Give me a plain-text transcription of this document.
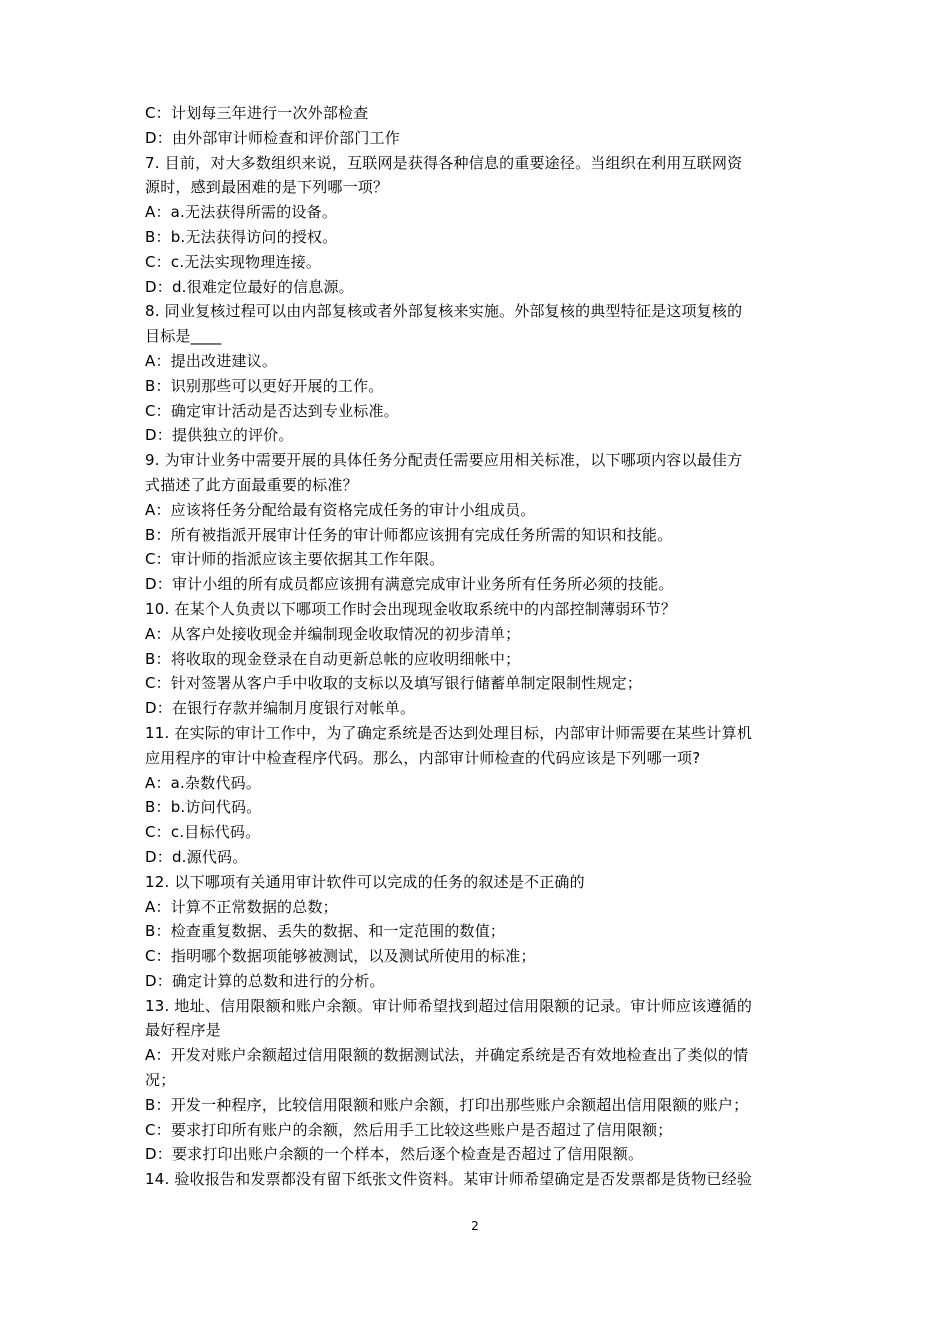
C：计划每三年进行一次外部检查
D：由外部审计师检查和评价部门工作
7. 目前，对大多数组织来说，互联网是获得各种信息的重要途径。当组织在利用互联网资
源时，感到最困难的是下列哪一项？
A：a.无法获得所需的设备。
B：b.无法获得访问的授权。
C：c.无法实现物理连接。
D：d.很难定位最好的信息源。
8. 同业复核过程可以由内部复核或者外部复核来实施。外部复核的典型特征是这项复核的
目标是____
A：提出改进建议。
B：识别那些可以更好开展的工作。
C：确定审计活动是否达到专业标准。
D：提供独立的评价。
9. 为审计业务中需要开展的具体任务分配责任需要应用相关标准，以下哪项内容以最佳方
式描述了此方面最重要的标准？
A：应该将任务分配给最有资格完成任务的审计小组成员。
B：所有被指派开展审计任务的审计师都应该拥有完成任务所需的知识和技能。
C：审计师的指派应该主要依据其工作年限。
D：审计小组的所有成员都应该拥有满意完成审计业务所有任务所必须的技能。
10. 在某个人负责以下哪项工作时会出现现金收取系统中的内部控制薄弱环节？
A：从客户处接收现金并编制现金收取情况的初步清单；
B：将收取的现金登录在自动更新总帐的应收明细帐中；
C：针对签署从客户手中收取的支标以及填写银行储蓄单制定限制性规定；
D：在银行存款并编制月度银行对帐单。
11. 在实际的审计工作中，为了确定系统是否达到处理目标，内部审计师需要在某些计算机
应用程序的审计中检查程序代码。那么，内部审计师检查的代码应该是下列哪一项?
A：a.杂数代码。
B：b.访问代码。
C：c.目标代码。
D：d.源代码。
12. 以下哪项有关通用审计软件可以完成的任务的叙述是不正确的
A：计算不正常数据的总数；
B：检查重复数据、丢失的数据、和一定范围的数值；
C：指明哪个数据项能够被测试，以及测试所使用的标准；
D：确定计算的总数和进行的分析。
13. 地址、信用限额和账户余额。审计师希望找到超过信用限额的记录。审计师应该遵循的
最好程序是
A：开发对账户余额超过信用限额的数据测试法，并确定系统是否有效地检查出了类似的情
况；
B：开发一种程序，比较信用限额和账户余额，打印出那些账户余额超出信用限额的账户；
C：要求打印所有账户的余额，然后用手工比较这些账户是否超过了信用限额；
D：要求打印出账户余额的一个样本，然后逐个检查是否超过了信用限额。
14. 验收报告和发票都没有留下纸张文件资料。某审计师希望确定是否发票都是货物已经验
2
